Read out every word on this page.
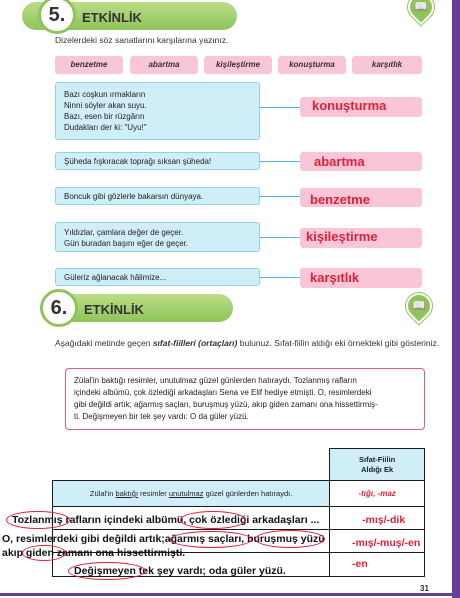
5.	ETKİNLİK
📖
Dizelerdeki söz sanatlarını karşılarına yazınız.
benzetme	abartma	kişileştirme	konuşturma	karşıtlık
Bazı coşkun ırmakların
Ninni söyler akan suyu.
Bazı, esen bir rüzgârın
Dudakları der ki: "Uyu!"
konuşturma
Şüheda fışkıracak toprağı sıksan şüheda!	abartma
Boncuk gibi gözlerle bakarsın dünyaya.	benzetme
Yıldızlar, çamlara değer de geçer.
Gün buradan başını eğer de geçer.	kişileştirme
Güleriz ağlanacak hâlimize...	karşıtlık
6.	ETKİNLİK	📖
Aşağıdaki metinde geçen sıfat-fiilleri (ortaçları) bulunuz. Sıfat-fiilin aldığı eki örnekteki gibi gösteriniz.
Zülal'in baktığı resimler, unutulmaz güzel günlerden hatıraydı. Tozlanmış rafların
içindeki albümü, çok özlediği arkadaşları Sena ve Elif hediye etmişti. O, resimlerdeki
gibi değildi artık; ağarmış saçları, buruşmuş yüzü, akıp giden zamanı ona hissettirmiş-
ti. Değişmeyen bir tek şey vardı: O da güler yüzü.

	Sıfat-Fiilin
Aldığı Ek

Zülal'in baktığı resimler unutulmaz güzel günlerden hatıraydı.	-tığı, -maz

Tozlanmış rafların içindeki albümü, çok özlediği arkadaşları ...	-mış/-dik
O, resimlerdeki gibi değildi artık;ağarmış saçları, buruşmuş yüzü	-mış/-muş/-en
akıp giden zamanı ona hissettirmişti.
Değişmeyen tek şey vardı; oda güler yüzü.
-en
31
